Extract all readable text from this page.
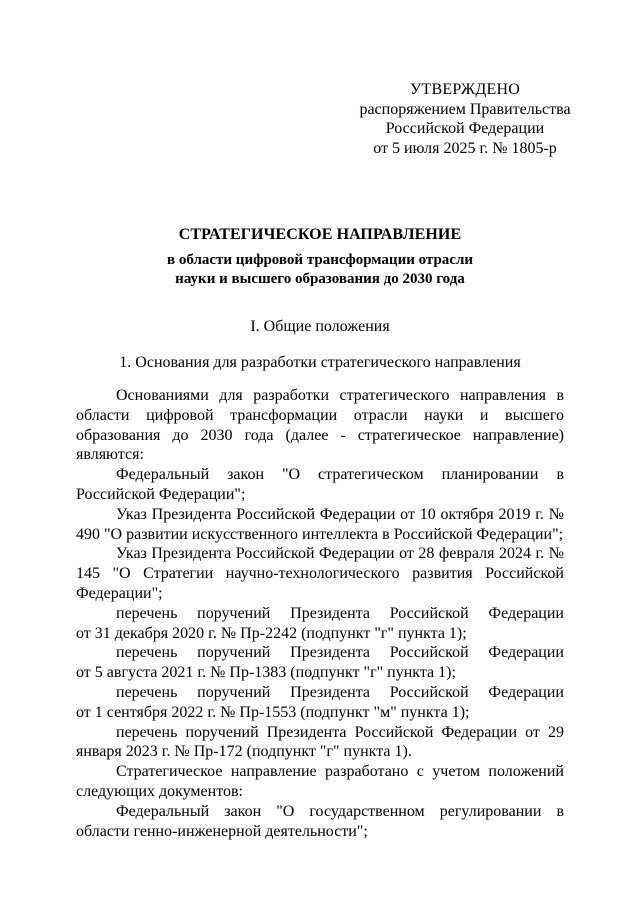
УТВЕРЖДЕНО
распоряжением Правительства
Российской Федерации
от 5 июля 2025 г. № 1805-р
СТРАТЕГИЧЕСКОЕ НАПРАВЛЕНИЕ
в области цифровой трансформации отрасли
науки и высшего образования до 2030 года
I. Общие положения
1. Основания для разработки стратегического направления

Основаниями для разработки стратегического направления в области цифровой трансформации отрасли науки и высшего образования до 2030 года (далее - стратегическое направление) являются:

Федеральный закон "О стратегическом планировании в Российской Федерации";

Указ Президента Российской Федерации от 10 октября 2019 г. № 490 "О развитии искусственного интеллекта в Российской Федерации";

Указ Президента Российской Федерации от 28 февраля 2024 г. № 145 "О Стратегии научно-технологического развития Российской Федерации";

перечень поручений Президента Российской Федерации
от 31 декабря 2020 г. № Пр-2242 (подпункт "г" пункта 1);

перечень поручений Президента Российской Федерации
от 5 августа 2021 г. № Пр-1383 (подпункт "г" пункта 1);

перечень поручений Президента Российской Федерации
от 1 сентября 2022 г. № Пр-1553 (подпункт "м" пункта 1);

перечень поручений Президента Российской Федерации от 29 января 2023 г. № Пр-172 (подпункт "г" пункта 1).

Стратегическое направление разработано с учетом положений следующих документов:

Федеральный закон "О государственном регулировании в области генно-инженерной деятельности";
